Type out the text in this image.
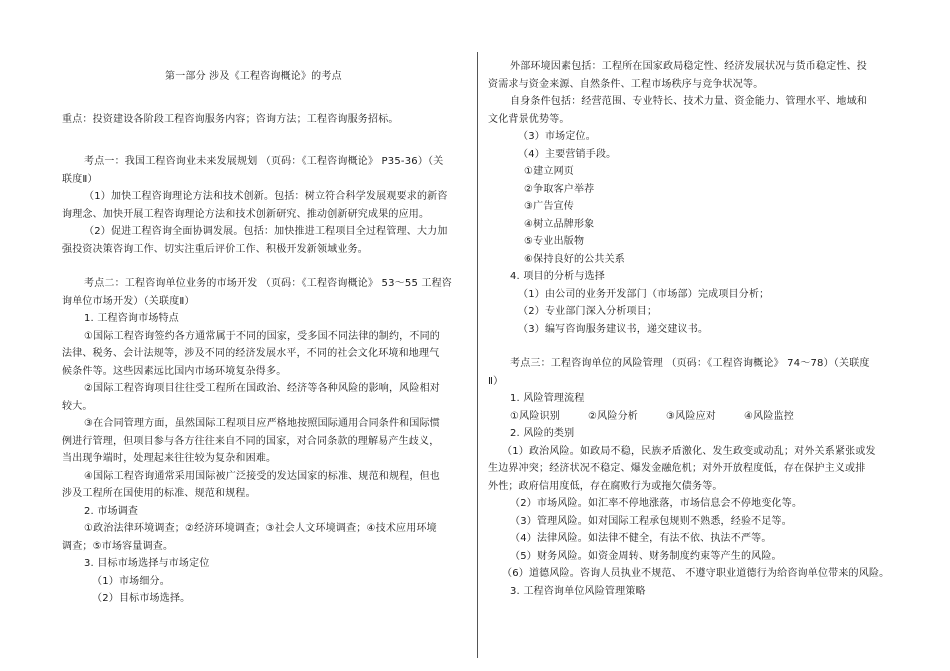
第一部分 涉及《工程咨询概论》的考点
重点：投资建设各阶段工程咨询服务内容；咨询方法；工程咨询服务招标。
考点一：我国工程咨询业未来发展规划 （页码：《工程咨询概论》 P35-36）（关
联度Ⅱ）
（1）加快工程咨询理论方法和技术创新。包括：树立符合科学发展观要求的新咨
询理念、加快开展工程咨询理论方法和技术创新研究、推动创新研究成果的应用。
（2）促进工程咨询全面协调发展。包括：加快推进工程项目全过程管理、大力加
强投资决策咨询工作、切实注重后评价工作、积极开发新领域业务。
考点二：工程咨询单位业务的市场开发 （页码：《工程咨询概论》 53～55 工程咨
询单位市场开发）（关联度Ⅱ）
1. 工程咨询市场特点
①国际工程咨询签约各方通常属于不同的国家，受多国不同法律的制约，不同的
法律、税务、会计法规等，涉及不同的经济发展水平，不同的社会文化环境和地理气
候条件等。这些因素远比国内市场环境复杂得多。
②国际工程咨询项目往往受工程所在国政治、经济等各种风险的影响，风险相对
较大。
③在合同管理方面，虽然国际工程项目应严格地按照国际通用合同条件和国际惯
例进行管理，但项目参与各方往往来自不同的国家，对合同条款的理解易产生歧义，
当出现争端时，处理起来往往较为复杂和困难。
④国际工程咨询通常采用国际被广泛接受的发达国家的标准、规范和规程，但也
涉及工程所在国使用的标准、规范和规程。
2. 市场调查
①政治法律环境调查；②经济环境调查；③社会人文环境调查；④技术应用环境
调查；⑤市场容量调查。
3. 目标市场选择与市场定位
（1）市场细分。
（2）目标市场选择。
外部环境因素包括：工程所在国家政局稳定性、经济发展状况与货币稳定性、投
资需求与资金来源、自然条件、工程市场秩序与竞争状况等。
自身条件包括：经营范围、专业特长、技术力量、资金能力、管理水平、地域和
文化背景优势等。
（3）市场定位。
（4）主要营销手段。
①建立网页
②争取客户举荐
③广告宣传
④树立品牌形象
⑤专业出版物
⑥保持良好的公共关系
4. 项目的分析与选择
（1）由公司的业务开发部门（市场部）完成项目分析；
（2）专业部门深入分析项目；
（3）编写咨询服务建议书，递交建议书。
考点三：工程咨询单位的风险管理 （页码：《工程咨询概论》 74～78）（关联度
Ⅱ）
1. 风险管理流程
①风险识别	②风险分析	③风险应对	④风险监控
2. 风险的类别
（1）政治风险。如政局不稳，民族矛盾激化、发生政变或动乱；对外关系紧张或发
生边界冲突；经济状况不稳定、爆发金融危机；对外开放程度低，存在保护主义或排
外性；政府信用度低，存在腐败行为或拖欠债务等。
（2）市场风险。如汇率不停地涨落，市场信息会不停地变化等。
（3）管理风险。如对国际工程承包规则不熟悉，经验不足等。
（4）法律风险。如法律不健全，有法不依、执法不严等。
（5）财务风险。如资金周转、财务制度约束等产生的风险。
（6）道德风险。咨询人员执业不规范、 不遵守职业道德行为给咨询单位带来的风险。
3. 工程咨询单位风险管理策略
